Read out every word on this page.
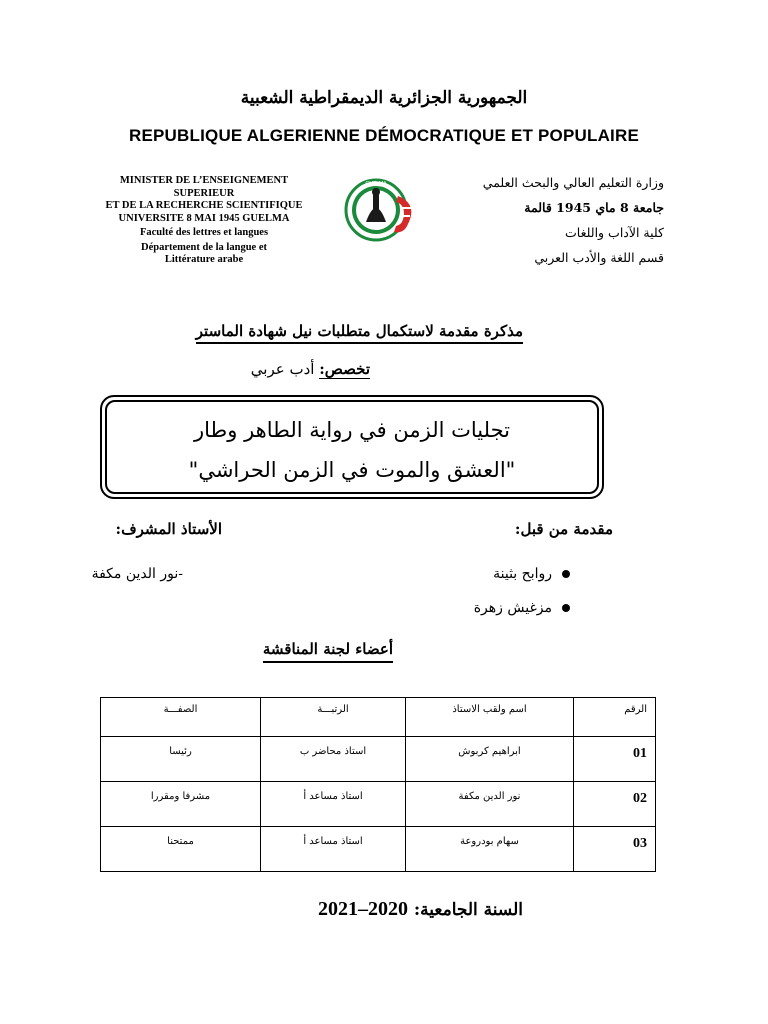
الجمهورية الجزائرية الديمقراطية الشعبية
REPUBLIQUE ALGERIENNE DÉMOCRATIQUE ET POPULAIRE
MINISTER DE L’ENSEIGNEMENT
SUPERIEUR
ET DE LA RECHERCHE SCIENTIFIQUE
UNIVERSITE 8 MAI 1945 GUELMA
Faculté des lettres et langues
Département de la langue et
Littérature arabe
GUELMA	وزارة التعليم العالي والبحث العلمي
جامعة 8 ماي 1945 قالمة
كلية الآداب واللغات
قسم اللغة والأدب العربي
مذكرة مقدمة لاستكمال متطلبات نيل شهادة الماستر
تخصص: أدب عربي
تجليات الزمن في رواية الطاهر وطار
"العشق والموت في الزمن الحراشي"
مقدمة من قبل:
الأستاذ المشرف:
روابح بثينة
مزغيش زهرة
-نور الدين مكفة
أعضاء لجنة المناقشة
الرقم	اسم ولقب الاستاذ	الرتبـــة	الصفـــة
01	ابراهيم كربوش	استاذ محاضر ب	رئيسا
02	نور الدين مكفة	استاذ مساعد أ	مشرفا ومقررا
03	سهام بودروعة	استاذ مساعد أ	ممتحنا
السنة الجامعية: 2021–2020
